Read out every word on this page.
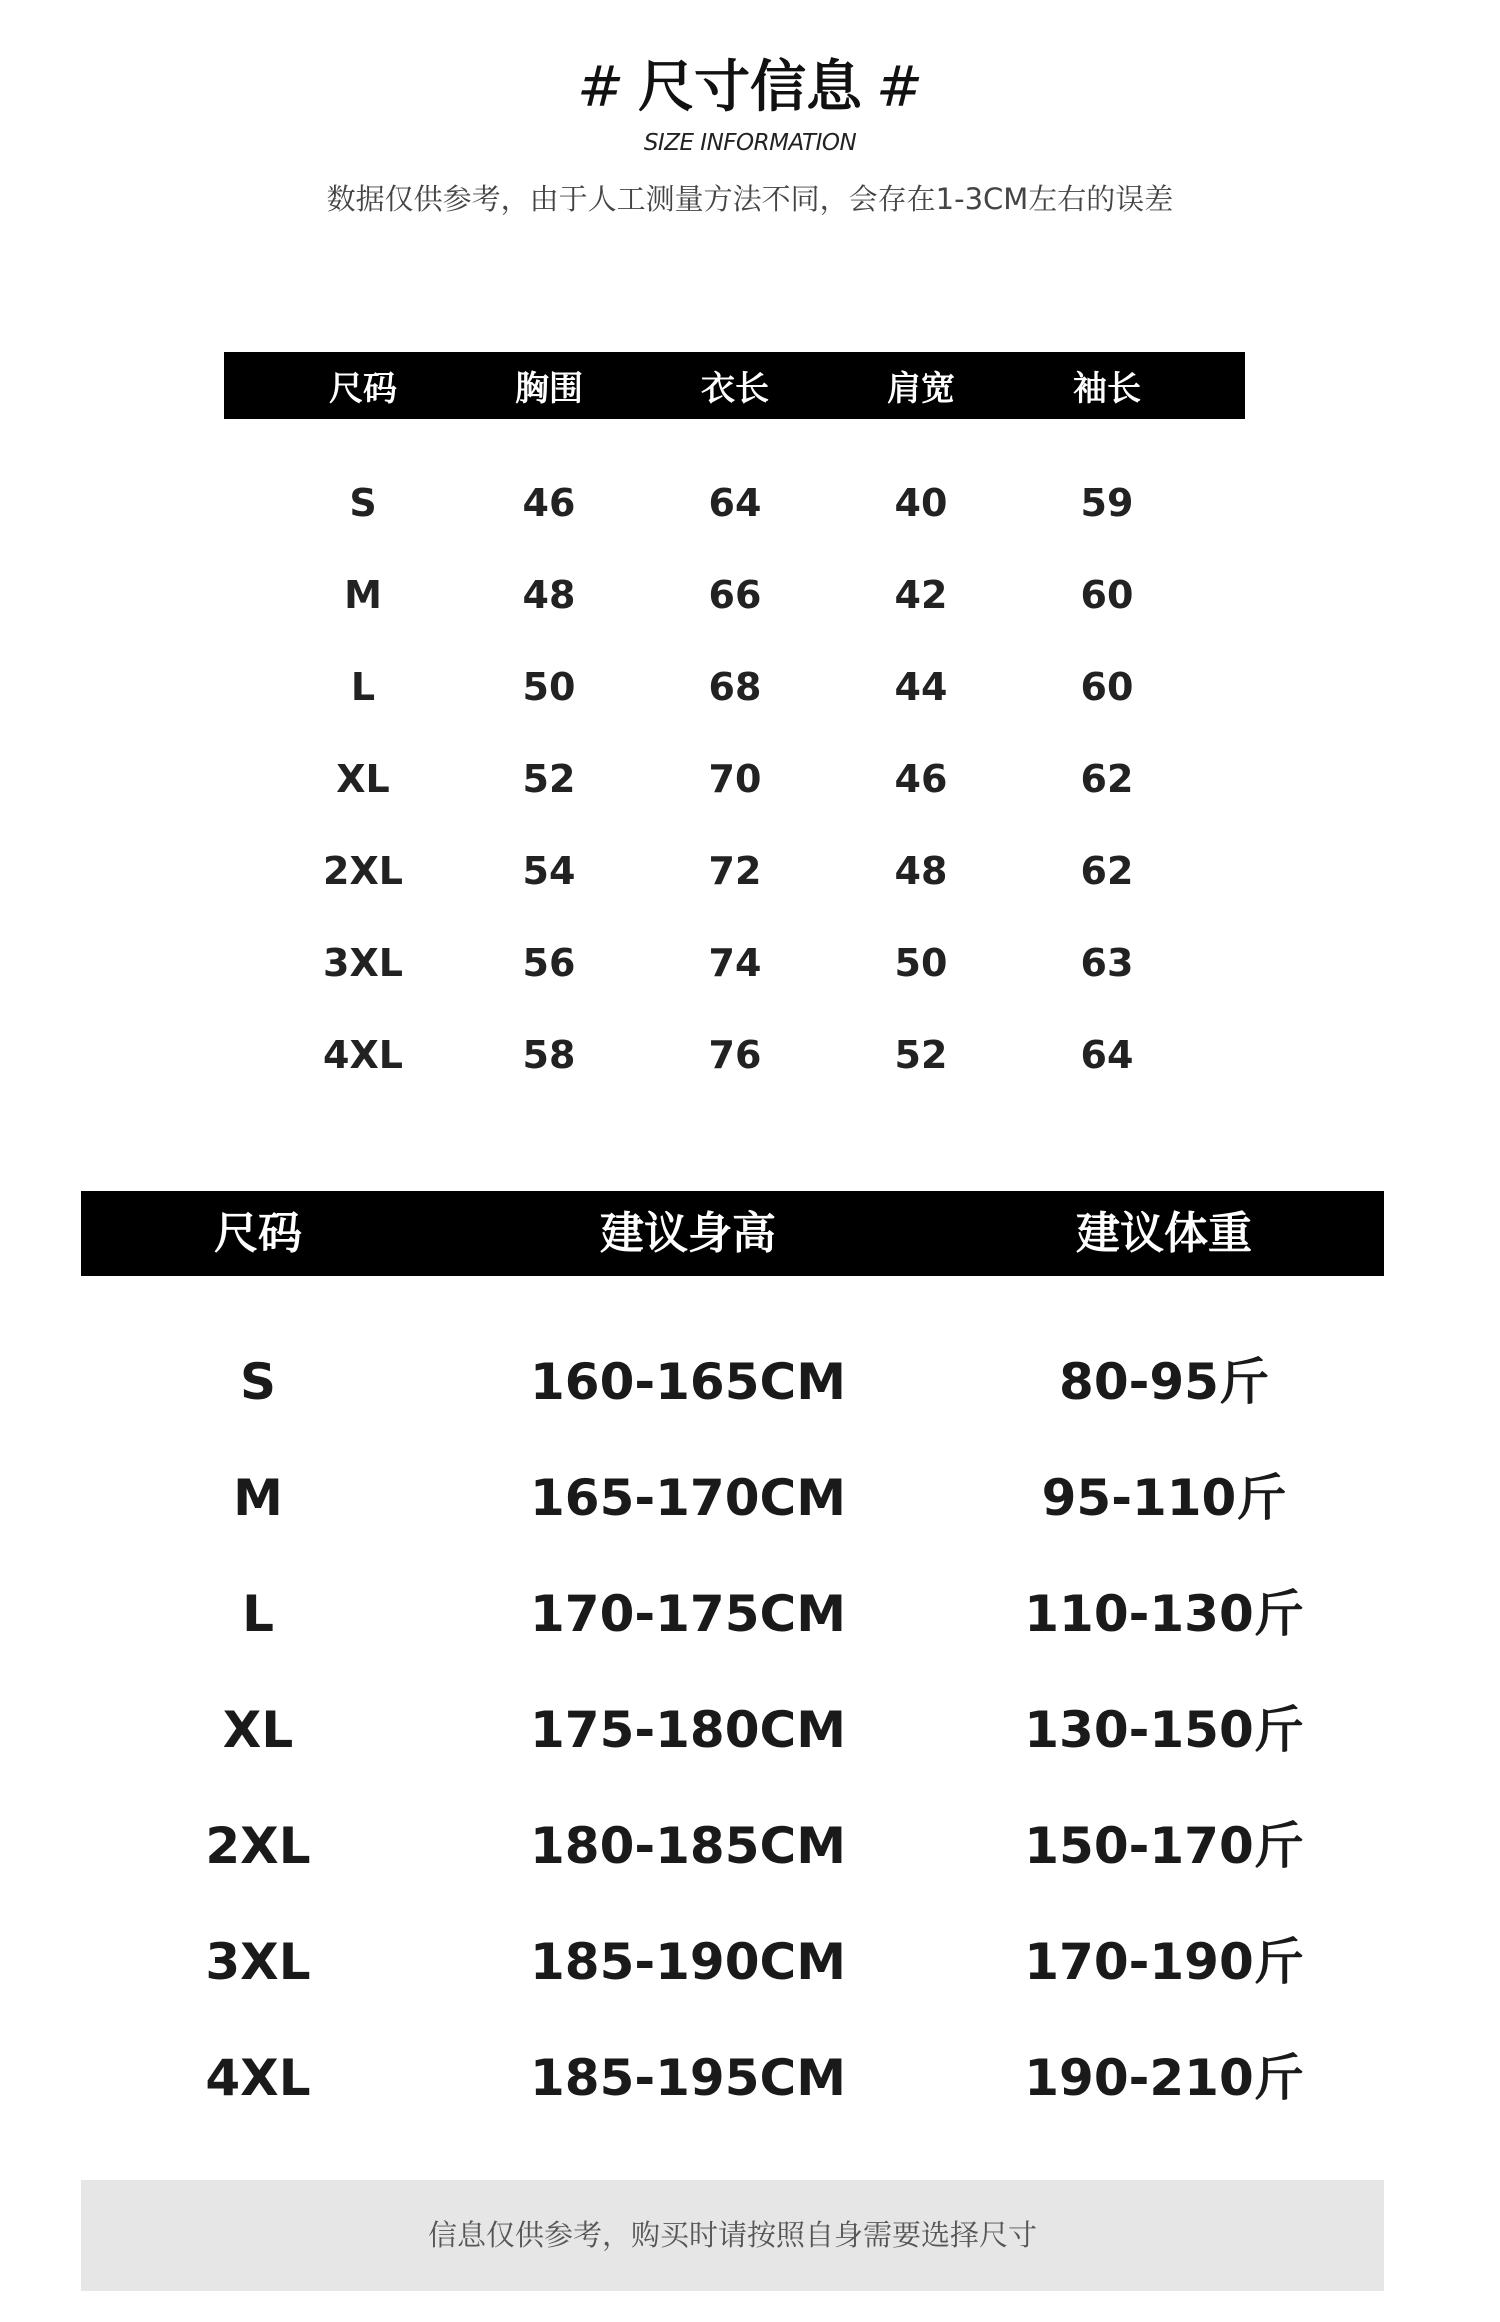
# 尺寸信息 #
SIZE INFORMATION
数据仅供参考，由于人工测量方法不同，会存在1-3CM左右的误差
尺码	胸围	衣长	肩宽	袖长
S	46	64	40	59
M	48	66	42	60
L	50	68	44	60
XL	52	70	46	62
2XL	54	72	48	62
3XL	56	74	50	63
4XL	58	76	52	64
尺码	建议身高	建议体重
S	160-165CM	80-95斤
M	165-170CM	95-110斤
L	170-175CM	110-130斤
XL	175-180CM	130-150斤
2XL	180-185CM	150-170斤
3XL	185-190CM	170-190斤
4XL	185-195CM	190-210斤
信息仅供参考，购买时请按照自身需要选择尺寸
